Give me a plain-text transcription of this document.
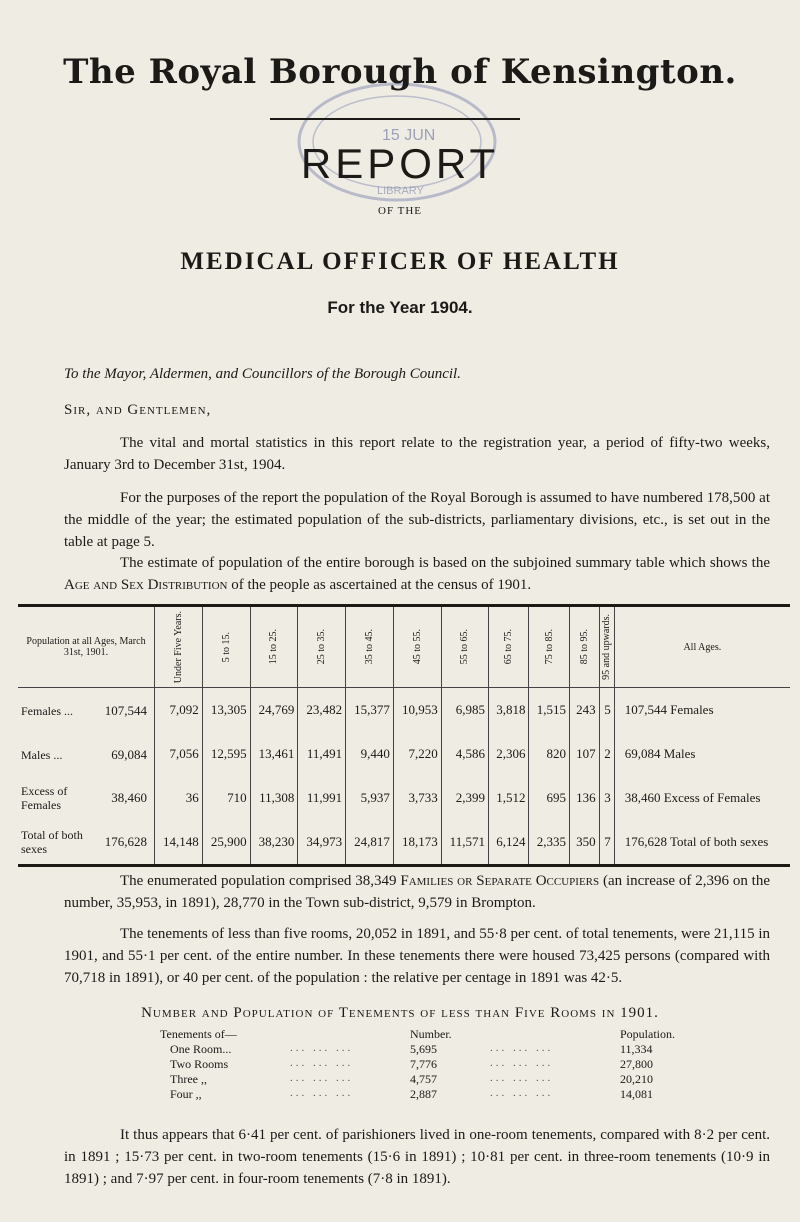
15 JUN
LIBRARY
The Royal Borough of Kensington.
REPORT
OF THE
MEDICAL OFFICER OF HEALTH
For the Year 1904.
To the Mayor, Aldermen, and Councillors of the Borough Council.
Sir, and Gentlemen,
The vital and mortal statistics in this report relate to the registration year, a period of fifty-two weeks, January 3rd to December 31st, 1904.
For the purposes of the report the population of the Royal Borough is assumed to have numbered 178,500 at the middle of the year; the estimated population of the sub-districts, parliamentary divisions, etc., is set out in the table at page 5.
The estimate of population of the entire borough is based on the subjoined summary table which shows the Age and Sex Distribution of the people as ascertained at the census of 1901.
Population at all Ages, March 31st, 1901.	Under Five Years.	5 to 15.	15 to 25.	25 to 35.	35 to 45.	45 to 55.	55 to 65.	65 to 75.	75 to 85.	85 to 95.	95 and upwards.	All Ages.
Females ... 107,544	7,092	13,305	24,769	23,482	15,377	10,953	6,985	3,818	1,515	243	5	107,544 Females
Males ... 69,084	7,056	12,595	13,461	11,491	9,440	7,220	4,586	2,306	820	107	2	69,084 Males
Excess of Females 38,460	36	710	11,308	11,991	5,937	3,733	2,399	1,512	695	136	3	38,460 Excess of Females
Total of both sexes 176,628	14,148	25,900	38,230	34,973	24,817	18,173	11,571	6,124	2,335	350	7	176,628 Total of both sexes
The enumerated population comprised 38,349 Families or Separate Occupiers (an increase of 2,396 on the number, 35,953, in 1891), 28,770 in the Town sub-district, 9,579 in Brompton.
The tenements of less than five rooms, 20,052 in 1891, and 55·8 per cent. of total tenements, were 21,115 in 1901, and 55·1 per cent. of the entire number. In these tenements there were housed 73,425 persons (compared with 70,718 in 1891), or 40 per cent. of the population : the relative per centage in 1891 was 42·5.
Number and Population of Tenements of less than Five Rooms in 1901.
Tenements of—	Number.	Population.
One Room...	... ... ...	5,695	... ... ...	11,334
Two Rooms	... ... ...	7,776	... ... ...	27,800
Three ,,	... ... ...	4,757	... ... ...	20,210
Four ,,	... ... ...	2,887	... ... ...	14,081
It thus appears that 6·41 per cent. of parishioners lived in one-room tenements, compared with 8·2 per cent. in 1891 ; 15·73 per cent. in two-room tenements (15·6 in 1891) ; 10·81 per cent. in three-room tenements (10·9 in 1891) ; and 7·97 per cent. in four-room tenements (7·8 in 1891).
